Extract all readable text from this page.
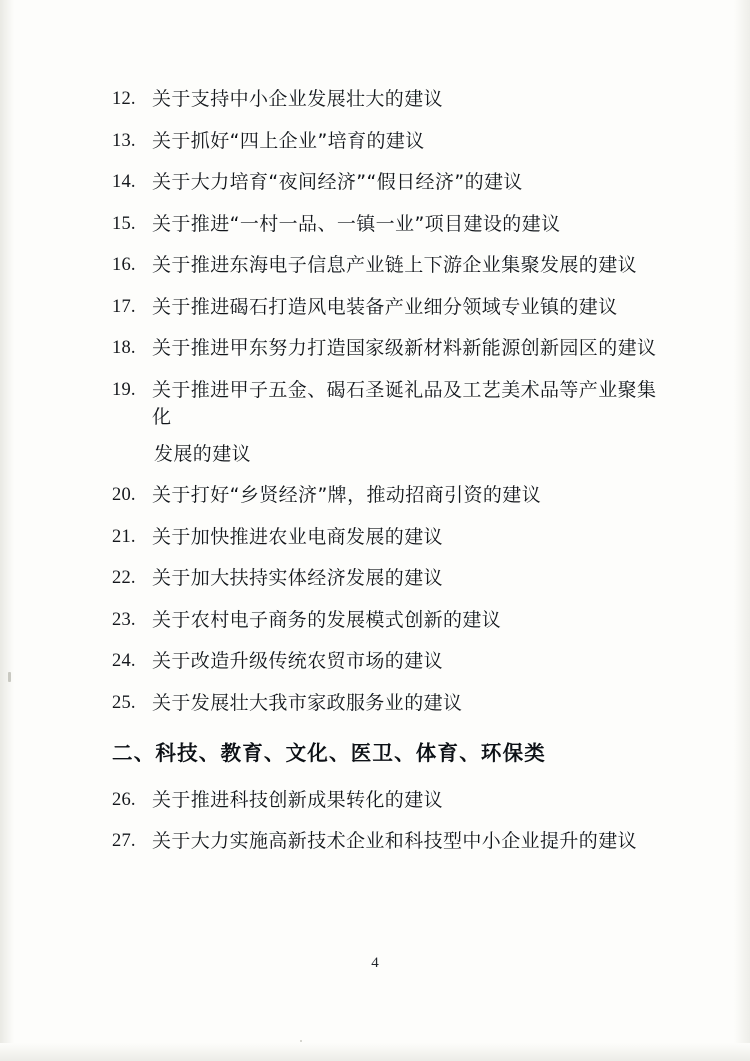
12. 关于支持中小企业发展壮大的建议
13. 关于抓好“四上企业”培育的建议
14. 关于大力培育“夜间经济”“假日经济”的建议
15. 关于推进“一村一品、一镇一业”项目建设的建议
16. 关于推进东海电子信息产业链上下游企业集聚发展的建议
17. 关于推进碣石打造风电装备产业细分领域专业镇的建议
18. 关于推进甲东努力打造国家级新材料新能源创新园区的建议
19. 关于推进甲子五金、碣石圣诞礼品及工艺美术品等产业聚集化
发展的建议
20. 关于打好“乡贤经济”牌，推动招商引资的建议
21. 关于加快推进农业电商发展的建议
22. 关于加大扶持实体经济发展的建议
23. 关于农村电子商务的发展模式创新的建议
24. 关于改造升级传统农贸市场的建议
25. 关于发展壮大我市家政服务业的建议
二、科技、教育、文化、医卫、体育、环保类
26. 关于推进科技创新成果转化的建议
27. 关于大力实施高新技术企业和科技型中小企业提升的建议
4
